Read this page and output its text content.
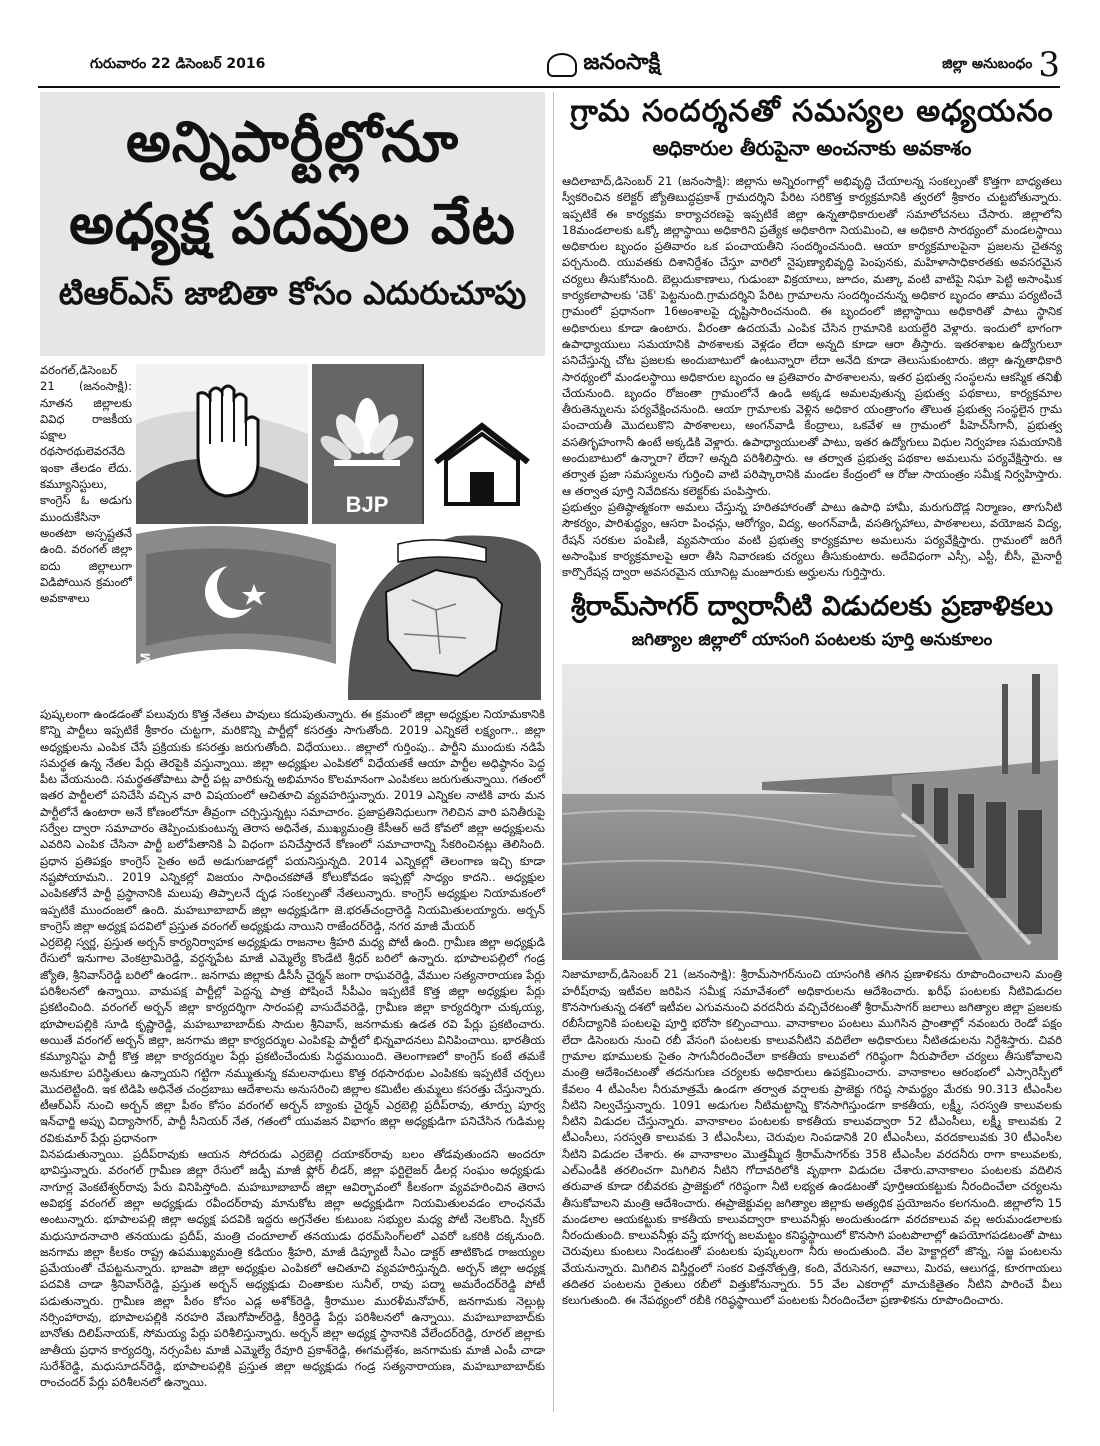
గురువారం 22 డిసెంబర్ 2016	జనంసాక్షి	జిల్లా అనుబంధం 3
అన్నిపార్టీల్లోనూ
అధ్యక్ష పదవుల వేట
టిఆర్ఎస్ జాబితా కోసం ఎదురుచూపు
వరంగల్,డిసెంబర్ 21 (జనంసాక్షి): నూతన జిల్లాలకు వివిధ రాజకీయ పక్షాల రథసారథులెవరనేది ఇంకా తేలడం లేదు. కమ్యూనిస్టులు, కాంగ్రెస్ ఓ అడుగు ముందుకేసినా అంతటా అస్పష్టతనే ఉంది. వరంగల్ జిల్లా ఐదు జిల్లాలుగా విడిపోయిన క్రమంలో అవకాశాలు
BJP
AIMIM

పుష్కలంగా ఉండడంతో పలువురు కొత్త నేతలు పావులు కదుపుతున్నారు. ఈ క్రమంలో జిల్లా అధ్యక్షుల నియామకానికి కొన్ని పార్టీలు ఇప్పటికే శ్రీకారం చుట్టగా, మరికొన్ని పార్టీల్లో కసరత్తు సాగుతోంది. 2019 ఎన్నికలే లక్ష్యంగా.. జిల్లా అధ్యక్షులను ఎంపిక చేసే ప్రక్రియకు కసరత్తు జరుగుతోంది. విధేయులు.. జిల్లాలో గుర్తింపు.. పార్టీని ముందుకు నడిపే సమర్థత ఉన్న నేతల పేర్లు తెరపైకి వస్తున్నాయి. జిల్లా అధ్యక్షుల ఎంపికలో విధేయతకే ఆయా పార్టీల అధిష్ఠానం పెద్ద పీట వేయనుంది. సమర్థతతోపాటు పార్టీ పట్ల వారికున్న అభిమానం కొలమానంగా ఎంపికలు జరుగుతున్నాయి. గతంలో ఇతర పార్టీలలో పనిచేసి వచ్చిన వారి విషయంలో ఆచితూచి వ్యవహరిస్తున్నారు. 2019 ఎన్నికల నాటికి వారు మన పార్టీలోనే ఉంటారా అనే కోణంలోనూ తీవ్రంగా చర్చిస్తున్నట్లు సమాచారం. ప్రజాప్రతినిధులుగా గెలిచిన వారి పనితీరుపై సర్వేల ద్వారా సమాచారం తెప్పించుకుంటున్న తెరాస అధినేత, ముఖ్యమంత్రి కేసీఆర్ అదే కోవలో జిల్లా అధ్యక్షులను ఎవరిని ఎంపిక చేసినా పార్టీ బలోపేతానికి ఏ విధంగా పనిచేస్తారనే కోణంలో సమాచారాన్ని సేకరించినట్లు తెలిసింది. ప్రధాన ప్రతిపక్షం కాంగ్రెస్ సైతం అదే అడుగుజాడల్లో పయనిస్తున్నది. 2014 ఎన్నికల్లో తెలంగాణ ఇచ్చి కూడా నష్టపోయామని.. 2019 ఎన్నికల్లో విజయం సాధించకపోతే కోలుకోవడం ఇప్పట్లో సాధ్యం కాదని.. అధ్యక్షుల ఎంపికతోనే పార్టీ ప్రస్థానానికి మలుపు తిప్పాలనే దృఢ సంకల్పంతో నేతలున్నారు. కాంగ్రెస్ అధ్యక్షుల నియామకంలో ఇప్పటికే ముందంజలో ఉంది. మహబూబాబాద్ జిల్లా అధ్యక్షుడిగా జె.భరత్‌చంద్రారెడ్డి నియమితులయ్యారు. అర్బన్ కాంగ్రెస్ జిల్లా అధ్యక్ష పదవిలో ప్రస్తుత వరంగల్ అధ్యక్షుడు నాయిని రాజేందర్‌రెడ్డి, నగర మాజీ మేయర్

ఎర్రబెల్లి స్వర్ణ, ప్రస్తుత అర్బన్ కార్యనిర్వాహక అధ్యక్షుడు రాజనాల శ్రీహరి మధ్య పోటీ ఉంది. గ్రామీణ జిల్లా అధ్యక్షుడి రేసులో ఇనుగాల వెంకట్రామిరెడ్డి, వర్ధన్నపేట మాజీ ఎమ్మెల్యే కొండేటి శ్రీధర్ బరిలో ఉన్నారు. భూపాలపల్లిలో గండ్ర జ్యోతి, శ్రీనివాస్‌రెడ్డి బరిలో ఉండగా.. జనగామ జిల్లాకు డీసీసీ చైర్మన్ జంగా రాఘవరెడ్డి, వేముల సత్యనారాయణ పేర్లు పరిశీలనలో ఉన్నాయి. వామపక్ష పార్టీల్లో పెద్దన్న పాత్ర పోషించే సీపీఎం ఇప్పటికే కొత్త జిల్లా అధ్యక్షుల పేర్లు ప్రకటించింది. వరంగల్ అర్బన్ జిల్లా కార్యదర్శిగా సారంపల్లి వాసుదేవరెడ్డి, గ్రామీణ జిల్లా కార్యదర్శిగా చుక్కయ్య, భూపాలపల్లికి సూడి కృష్ణారెడ్డి, మహబూబాబాద్‌కు సాదుల శ్రీనివాస్, జనగామకు ఉడత రవి పేర్లు ప్రకటించారు. అయితే వరంగల్ అర్బన్ జిల్లా, జనగామ జిల్లా కార్యదర్శుల ఎంపికపై పార్టీలో భిన్నవాదనలు వినిపించాయి. భారతీయ కమ్యూనిస్టు పార్టీ కొత్త జిల్లా కార్యదర్శుల పేర్లు ప్రకటించేందుకు సిద్ధమయింది. తెలంగాణలో కాంగ్రెస్ కంటే తమకే అనుకూల పరిస్థితులు ఉన్నాయని గట్టిగా నమ్ముతున్న కమలనాథులు కొత్త రథసారథుల ఎంపికకు ఇప్పటికే చర్చలు మొదలెట్టింది. ఇక టిడిపి అధినేత చంద్రబాబు ఆదేశాలను అనుసరించి జిల్లాల కమిటీల తుమ్మలు కసరత్తు చేస్తున్నారు. టీఆర్ఎస్ నుంచి అర్బన్ జిల్లా పీఠం కోసం వరంగల్ అర్బన్ బ్యాంకు చైర్మన్ ఎర్రబెల్లి ప్రదీప్‌రావు, తూర్పు పూర్వ ఇన్‌ఛార్జి అప్పు విద్యాసాగర్, పార్టీ సీనియర్ నేత, గతంలో యువజన విభాగం జిల్లా అధ్యక్షుడిగా పనిచేసిన గుడిమల్ల రవికుమార్ పేర్లు ప్రధానంగా

వినపడుతున్నాయి. ప్రదీప్‌రావుకు ఆయన సోదరుడు ఎర్రబెల్లి దయాకర్‌రావు బలం తోడవుతుందని అందరూ భావిస్తున్నారు. వరంగల్ గ్రామీణ జిల్లా రేసులో జడ్పీ మాజీ ఫ్లోర్ లీడర్, జిల్లా ఫర్టిలైజర్ డీలర్ల సంఘం అధ్యక్షుడు నాగూర్ల వెంకటేశ్వర్‌రావు పేరు వినిపిస్తోంది. మహబూబాబాద్ జిల్లా ఆవిర్భావంలో కీలకంగా వ్యవహరించిన తెరాస అవిభక్త వరంగల్ జిల్లా అధ్యక్షుడు రవీందర్‌రావు మానుకోట జిల్లా అధ్యక్షుడిగా నియమితులవడం లాంఛనమే అంటున్నారు. భూపాలపల్లి జిల్లా అధ్యక్ష పదవికి ఇద్దరు అగ్రనేతల కుటుంబ సభ్యుల మధ్య పోటీ నెలకొంది. స్పీకర్ మధుసూదనాచారి తనయుడు ప్రదీప్, మంత్రి చందూలాల్ తనయుడు ధరమ్‌సింగ్‌లలో ఎవరో ఒకరికి దక్కనుంది. జనగామ జిల్లా కీలకం రాష్ట్ర ఉపముఖ్యమంత్రి కడియం శ్రీహరి, మాజీ డిప్యూటీ సీఎం డాక్టర్ తాటికొండ రాజయ్యల ప్రమేయంతో చేపట్టనున్నారు. భాజపా జిల్లా అధ్యక్షుల ఎంపికలో ఆచితూచి వ్యవహరిస్తున్నది. అర్బన్ జిల్లా అధ్యక్ష పదవికి చాడా శ్రీనివాస్‌రెడ్డి, ప్రస్తుత అర్బన్ అధ్యక్షుడు చింతాకుల సునీల్, రావు పద్మా అమరేందర్‌రెడ్డి పోటీ పడుతున్నారు. గ్రామీణ జిల్లా పీఠం కోసం ఎడ్ల అశోక్‌రెడ్డి, శ్రీరాముల మురళీమనోహర్, జనగామకు నెల్లుట్ల నర్సింహారావు, భూపాలపల్లికి నరహరి వేణుగోపాల్‌రెడ్డి, కీర్తిరెడ్డి పేర్లు పరిశీలనలో ఉన్నాయి. మహబూబాబాద్‌కు బానోతు దిలిప్‌నాయక్, సోమయ్య పేర్లు పరిశీలిస్తున్నారు. అర్బన్ జిల్లా అధ్యక్ష స్థానానికి వేలేందర్‌రెడ్డి, రూరల్ జిల్లాకు జాతీయ ప్రధాన కార్యదర్శి, నర్సంపేట మాజీ ఎమ్మెల్యే రేవూరి ప్రకాశ్‌రెడ్డి, ఈగమల్లేశం, జనగామకు మాజీ ఎంపీ చాడా సురేశ్‌రెడ్డి, మధుసూదన్‌రెడ్డి, భూపాలపల్లికి ప్రస్తుత జిల్లా అధ్యక్షుడు గండ్ర సత్యనారాయణ, మహబూబాబాద్‌కు రాంచందర్ పేర్లు పరిశీలనలో ఉన్నాయి.

గ్రామ సందర్శనతో సమస్యల అధ్యయనం
అధికారుల తీరుపైనా అంచనాకు అవకాశం

ఆదిలాబాద్,డిసెంబర్ 21 (జనంసాక్షి): జిల్లాను అన్నిరంగాల్లో అభివృద్ధి చేయాలన్న సంకల్పంతో కొత్తగా బాధ్యతలు స్వీకరించిన కలెక్టర్ జ్యోతిబుద్ధప్రకాశ్ గ్రామదర్శిని పేరిట సరికొత్త కార్యక్రమానికి త్వరలో శ్రీకారం చుట్టబోతున్నారు. ఇప్పటికే ఈ కార్యక్రమ కార్యాచరణపై ఇప్పటికే జిల్లా ఉన్నతాధికారులతో సమాలోచనలు చేసారు. జిల్లాలోని 18మండలాలకు ఒక్కో జిల్లాస్థాయి అధికారిని ప్రత్యేక అధికారిగా నియమించి, ఆ అధికారి సారథ్యంలో మండలస్థాయి అధికారుల బృందం ప్రతివారం ఒక పంచాయతీని సందర్శించనుంది. ఆయా కార్యక్రమాలపైనా ప్రజలను చైతన్య పర్చనుంది. యువతకు దిశానిర్దేశం చేస్తూ వారిలో నైపుణ్యాభివృద్ధి పెంపునకు, మహిళాసాధికారతకు అవసరమైన చర్యలు తీసుకోనుంది. బెల్లుదుకాణాలు, గుడుంబా విక్రయాలు, జూదం, మత్కా వంటి వాటిపై నిఘా పెట్టి అసాంఘిక కార్యకలాపాలకు 'చెక్' పెట్టనుంది.గ్రామదర్శిని పేరిట గ్రామాలను సందర్శించనున్న అధికార బృందం తాము పర్యటించే గ్రామంలో ప్రధానంగా 16అంశాలపై దృష్టిసారించనుంది. ఈ బృందంలో జిల్లాస్థాయి అధికారితో పాటు స్థానిక అధికారులు కూడా ఉంటారు. వీరంతా ఉదయమే ఎంపిక చేసిన గ్రామానికి బయల్దేరి వెళ్లారు. ఇందులో భాగంగా ఉపాధ్యాయులు సమయానికి పాఠశాలకు వెళ్లడం లేదా అన్నది కూడా ఆరా తీస్తారు. ఇతరశాఖల ఉద్యోగులూ పనిచేస్తున్న చోట ప్రజలకు అందుబాటులో ఉంటున్నారా లేదా అనేది కూడా తెలుసుకుంటారు. జిల్లా ఉన్నతాధికారి సారథ్యంలో మండలస్థాయి అధికారుల బృందం ఆ ప్రతివారం పాఠశాలలను, ఇతర ప్రభుత్వ సంస్థలను ఆకస్మిక తనిఖీ చేయనుంది. బృందం రోజంతా గ్రామంలోనే ఉండి అక్కడ అమలవుతున్న ప్రభుత్వ పథకాలు, కార్యక్రమాల తీరుతెన్నులను పర్యవేక్షించనుంది. ఆయా గ్రామాలకు వెళ్లిన అధికార యంత్రాంగం తొలుత ప్రభుత్వ సంస్థలైన గ్రామ పంచాయతీ మొదలుకొని పాఠశాలలు, అంగన్‌వాడీ కేంద్రాలు, ఒకవేళ ఆ గ్రామంలో పీహెచ్‌సీగానీ, ప్రభుత్వ వసతిగృహంగానీ ఉంటే అక్కడికి వెళ్లారు. ఉపాధ్యాయులతో పాటు, ఇతర ఉద్యోగులు విధుల నిర్వహణ సమయానికి అందుబాటులో ఉన్నారా? లేదా? అన్నది పరిశీలిస్తారు. ఆ తర్వాత ప్రభుత్వ పథకాల అమలును పర్యవేక్షిస్తారు. ఆ తర్వాత ప్రజా సమస్యలను గుర్తించి వాటి పరిష్కారానికి మండల కేంద్రంలో ఆ రోజు సాయంత్రం సమీక్ష నిర్వహిస్తారు. ఆ తర్వాత పూర్తి నివేదికను కలెక్టర్‌కు పంపిస్తారు.

ప్రభుత్వం ప్రతిష్ఠాత్మకంగా అమలు చేస్తున్న హరితహారంతో పాటు ఉపాధి హామీ, మరుగుదొడ్ల నిర్మాణం, తాగునీటి సౌకర్యం, పారిశుద్ధ్యం, ఆసరా పింఛన్లు, ఆరోగ్యం, విద్య, అంగన్‌వాడీ, వసతిగృహాలు, పాఠశాలలు, వయోజన విద్య, రేషన్ సరకుల పంపిణీ, వ్యవసాయం వంటి ప్రభుత్వ కార్యక్రమాల అమలును పర్యవేక్షిస్తారు. గ్రామంలో జరిగే అసాంఘిక కార్యక్రమాలపై ఆరా తీసి నివారణకు చర్యలు తీసుకుంటారు. అదేవిధంగా ఎస్సీ, ఎస్టీ, బీసీ, మైనార్టీ కార్పొరేషన్ల ద్వారా అవసరమైన యూనిట్ల మంజూరుకు అర్హులను గుర్తిస్తారు.

శ్రీరామ్‌సాగర్ ద్వారానీటి విడుదలకు ప్రణాళికలు
జగిత్యాల జిల్లాలో యాసంగి పంటలకు పూర్తి అనుకూలం

నిజామాబాద్,డిసెంబర్ 21 (జనంసాక్షి): శ్రీరామ్‌సాగర్‌నుంచి యాసంగికి తగిన ప్రణాళికను రూపొందించాలని మంత్రి హరీష్‌రావు ఇటీవల జరిపిన సమీక్ష సమావేశంలో అధికారులను ఆదేశించారు. ఖరీఫ్ పంటలకు నీటివిడుదల కొనసాగుతున్న దశలో ఇటీవల ఎగువనుంచి వరదనీరు వచ్చిచేరటంతో శ్రీరామ్‌సాగర్ జలాలు జగిత్యాల జిల్లా ప్రజలకు రబీసేద్యానికి పంటలపై పూర్తి భరోసా కల్పించాయి. వానాకాలం పంటలు ముగిసిన ప్రాంతాల్లో నవంబరు రెండో పక్షం లేదా డిసెంబరు నుంచి రబీ వేసంగి పంటలకు కాలువనీటిని వదిలేలా అధికారులు నీటితడులను నిర్దేశిస్తారు. చివరి గ్రామాల భూములకు సైతం సాగునీరందించేలా కాకతీయ కాలువలో గరిష్ఠంగా నీరుపారేలా చర్యలు తీసుకోవాలని మంత్రి ఆదేశించటంతో తదనుగుణ చర్యలకు అధికారులు ఉపక్రమించారు. వానాకాలం ఆరంభంలో ఎస్సారెస్పీలో కేవలం 4 టీఎంసీల నీరుమాత్రమే ఉండగా తర్వాత వర్షాలకు ప్రాజెక్టు గరిష్ఠ సామర్థ్యం మేరకు 90.313 టీఎంసీల నీటిని నిల్వచేస్తున్నారు. 1091 అడుగుల నీటిమట్టాన్ని కొనసాగిస్తుండగా కాకతీయ, లక్ష్మీ, సరస్వతి కాలువలకు నీటిని విడుదల చేస్తున్నారు. వానాకాలం పంటలకు కాకతీయ కాలువద్వారా 52 టీఎంసీలు, లక్ష్మీ కాలువకు 2 టీఎంసీలు, సరస్వతి కాలువకు 3 టీఎంసీలు, చెరువుల నింపడానికి 20 టీఎంసీలు, వరదకాలువకు 30 టీఎంసీల నీటిని విడుదల చేశారు. ఈ వానాకాలం మొత్తమ్మీద శ్రీరామ్‌సాగర్‌కు 358 టీఎంసీల వరదనీరు రాగా కాలువలకు, ఎల్‌ఎండీకి తరలించగా మిగిలిన నీటిని గోదావరిలోకి వృథాగా విడుదల చేశారు.వానాకాలం పంటలకు వదిలిన తరువాత కూడా రబీవరకు ప్రాజెక్టులో గరిష్ఠంగా నీటి లభ్యత ఉండటంతో పూర్తిఆయకట్టుకు నీరందించేలా చర్యలను తీసుకోవాలని మంత్రి ఆదేశించారు. ఈప్రాజెక్టువల్ల జగిత్యాల జిల్లాకు అత్యధిక ప్రయోజనం కలగనుంది. జిల్లాలోని 15 మండలాల ఆయకట్టుకు కాకతీయ కాలువద్వారా కాలువనీళ్లు అందుతుండగా వరదకాలువ వల్ల అరుమండలాలకు నీరందుతుంది. కాలువనీళ్లు వస్తే భూగర్భ జలమట్టం కనిష్ఠస్థాయిలో కొనసాగి పంటపొలాల్లో ఉపయోగపడటంతో పాటు చెరువులు కుంటలు నిండటంతో పంటలకు పుష్కలంగా నీరు అందుతుంది. వేల హెక్టార్లలో జొన్న, సజ్జ పంటలను వేయనున్నారు. మిగిలిన విస్తీర్ణంలో సంకర విత్తనోత్పత్తి, కంది, వేరుసెనగ, ఆవాలు, మిరప, ఆలుగడ్డ, కూరగాయలు తదితర పంటలను రైతులు రబీలో విత్తుకోనున్నారు. 55 వేల ఎకరాల్లో మాచుకితైతం నీటిని పారించే వీలు కలుగుతుంది. ఈ నేపథ్యంలో రబీకి గరిష్ఠస్థాయిలో పంటలకు నీరందించేలా ప్రణాళికను రూపొందించారు.
